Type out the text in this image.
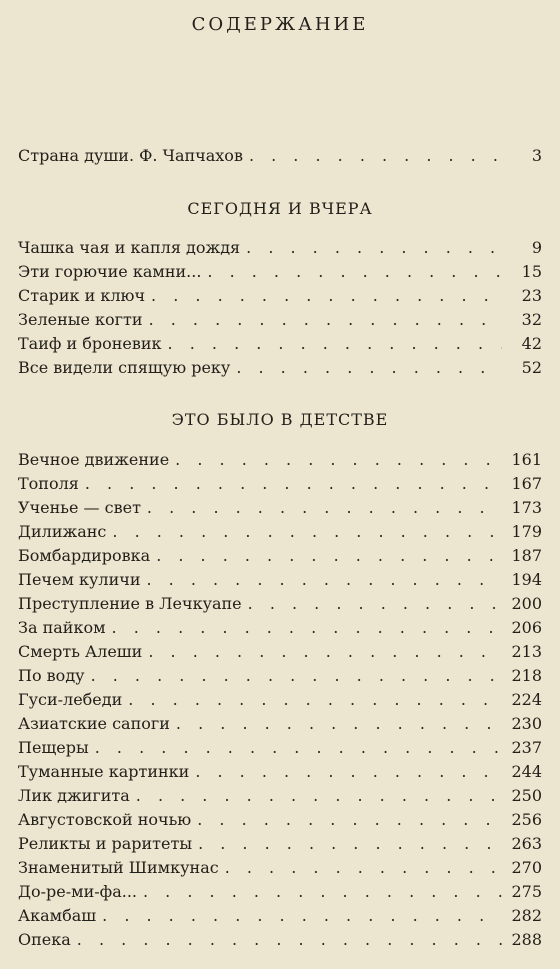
СОДЕРЖАНИЕ
Страна души. Ф. Чапчахов . . .	3
СЕГОДНЯ И ВЧЕРА
Чашка чая и капля дождя . . .	9
Эти горючие камни... . . .	15
Старик и ключ . . .	23
Зеленые когти . . .	32
Таиф и броневик . . .	42
Все видели спящую реку . . .	52
ЭТО БЫЛО В ДЕТСТВЕ
Вечное движение . . .	161
Тополя . . .	167
Ученье — свет . . .	173
Дилижанс . . .	179
Бомбардировка . . .	187
Печем куличи . . .	194
Преступление в Лечкуапе . . .	200
За пайком . . .	206
Смерть Алеши . . .	213
По воду . . .	218
Гуси-лебеди . . .	224
Азиатские сапоги . . .	230
Пещеры . . .	237
Туманные картинки . . .	244
Лик джигита . . .	250
Августовской ночью . . .	256
Реликты и раритеты . . .	263
Знаменитый Шимкунас . . .	270
До-ре-ми-фа... . . .	275
Акамбаш . . .	282
Опека . . .	288
